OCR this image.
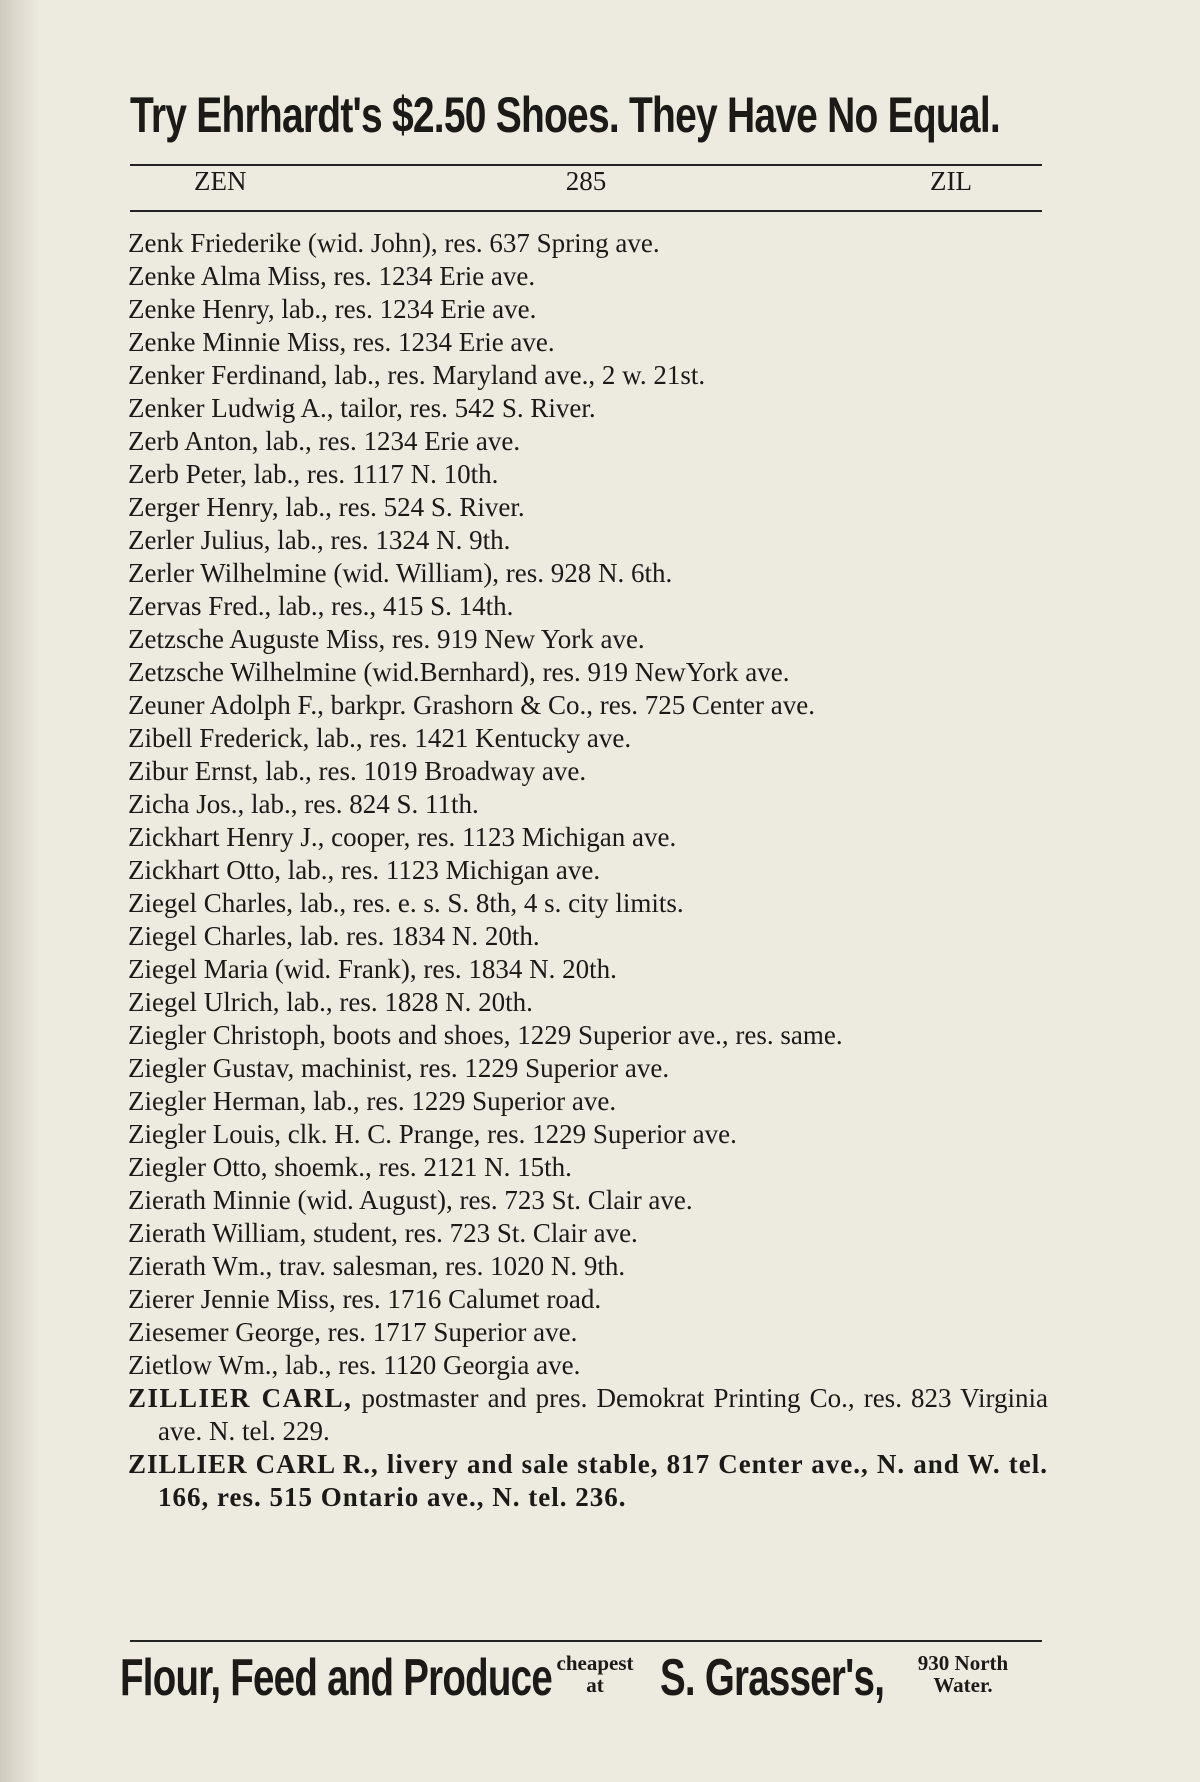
Try Ehrhardt's $2.50 Shoes. They Have No Equal.
ZEN	285	ZIL
Zenk Friederike (wid. John), res. 637 Spring ave.
Zenke Alma Miss, res. 1234 Erie ave.
Zenke Henry, lab., res. 1234 Erie ave.
Zenke Minnie Miss, res. 1234 Erie ave.
Zenker Ferdinand, lab., res. Maryland ave., 2 w. 21st.
Zenker Ludwig A., tailor, res. 542 S. River.
Zerb Anton, lab., res. 1234 Erie ave.
Zerb Peter, lab., res. 1117 N. 10th.
Zerger Henry, lab., res. 524 S. River.
Zerler Julius, lab., res. 1324 N. 9th.
Zerler Wilhelmine (wid. William), res. 928 N. 6th.
Zervas Fred., lab., res., 415 S. 14th.
Zetzsche Auguste Miss, res. 919 New York ave.
Zetzsche Wilhelmine (wid.Bernhard), res. 919 NewYork ave.
Zeuner Adolph F., barkpr. Grashorn & Co., res. 725 Center ave.
Zibell Frederick, lab., res. 1421 Kentucky ave.
Zibur Ernst, lab., res. 1019 Broadway ave.
Zicha Jos., lab., res. 824 S. 11th.
Zickhart Henry J., cooper, res. 1123 Michigan ave.
Zickhart Otto, lab., res. 1123 Michigan ave.
Ziegel Charles, lab., res. e. s. S. 8th, 4 s. city limits.
Ziegel Charles, lab. res. 1834 N. 20th.
Ziegel Maria (wid. Frank), res. 1834 N. 20th.
Ziegel Ulrich, lab., res. 1828 N. 20th.
Ziegler Christoph, boots and shoes, 1229 Superior ave., res. same.
Ziegler Gustav, machinist, res. 1229 Superior ave.
Ziegler Herman, lab., res. 1229 Superior ave.
Ziegler Louis, clk. H. C. Prange, res. 1229 Superior ave.
Ziegler Otto, shoemk., res. 2121 N. 15th.
Zierath Minnie (wid. August), res. 723 St. Clair ave.
Zierath William, student, res. 723 St. Clair ave.
Zierath Wm., trav. salesman, res. 1020 N. 9th.
Zierer Jennie Miss, res. 1716 Calumet road.
Ziesemer George, res. 1717 Superior ave.
Zietlow Wm., lab., res. 1120 Georgia ave.
ZILLIER CARL, postmaster and pres. Demokrat Printing Co., res. 823 Virginia ave. N. tel. 229.
ZILLIER CARL R., livery and sale stable, 817 Center ave., N. and W. tel. 166, res. 515 Ontario ave., N. tel. 236.
Flour, Feed and Produce cheapest
at	S. Grasser's,	930 North
Water.
